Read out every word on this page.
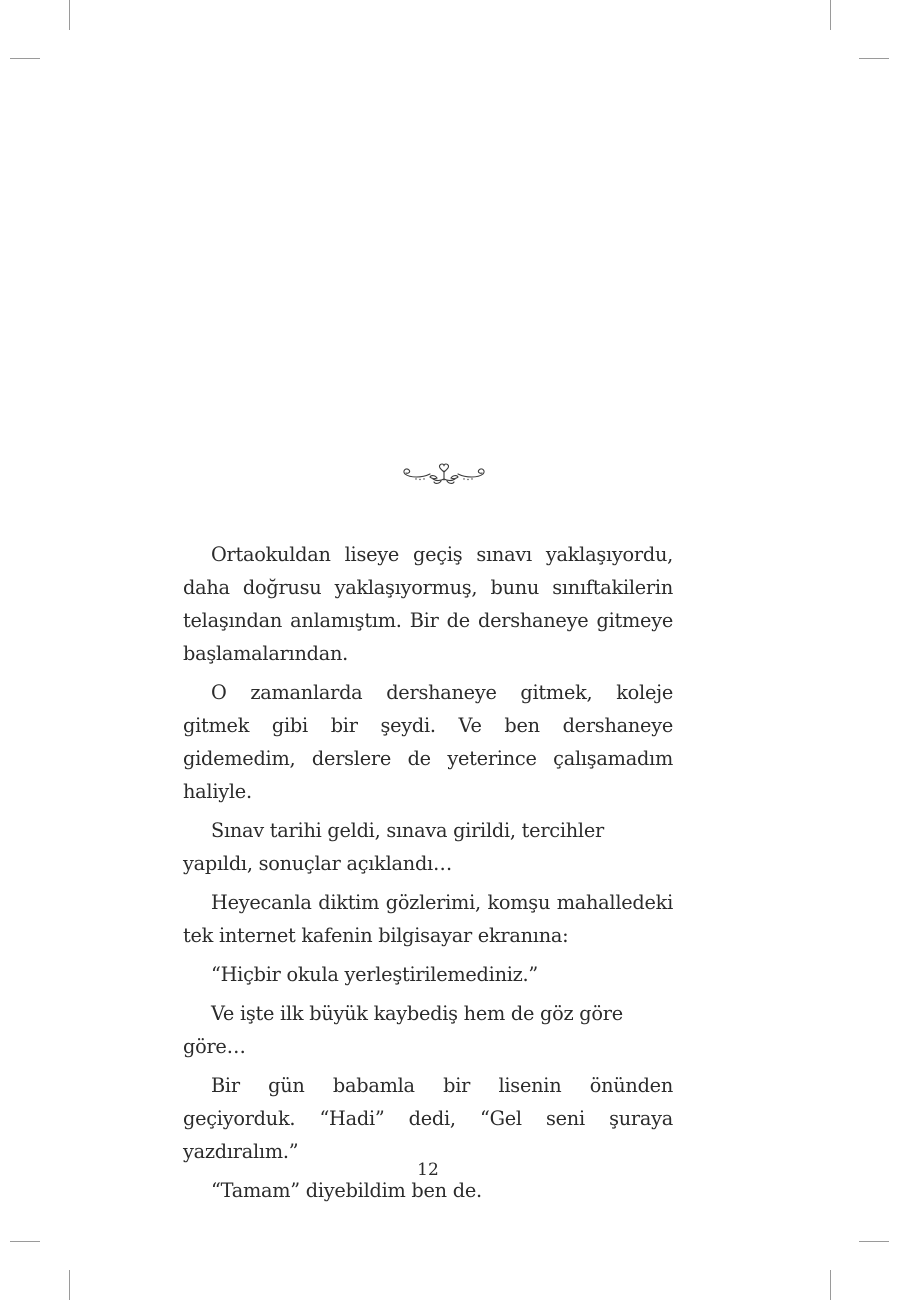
Ortaokuldan liseye geçiş sınavı yaklaşıyordu, daha doğrusu yaklaşıyormuş, bunu sınıftakilerin telaşından anlamıştım. Bir de dershaneye gitmeye başlamalarından.

O zamanlarda dershaneye gitmek, koleje gitmek gibi bir şeydi. Ve ben dershaneye gidemedim, derslere de yeterince çalışamadım haliyle.

Sınav tarihi geldi, sınava girildi, tercihler yapıldı, sonuçlar açıklandı…

Heyecanla diktim gözlerimi, komşu mahalledeki tek internet kafenin bilgisayar ekranına:

“Hiçbir okula yerleştirilemediniz.”

Ve işte ilk büyük kaybediş hem de göz göre göre…

Bir gün babamla bir lisenin önünden geçiyorduk. “Hadi” dedi, “Gel seni şuraya yazdıralım.”

“Tamam” diyebildim ben de.

12
